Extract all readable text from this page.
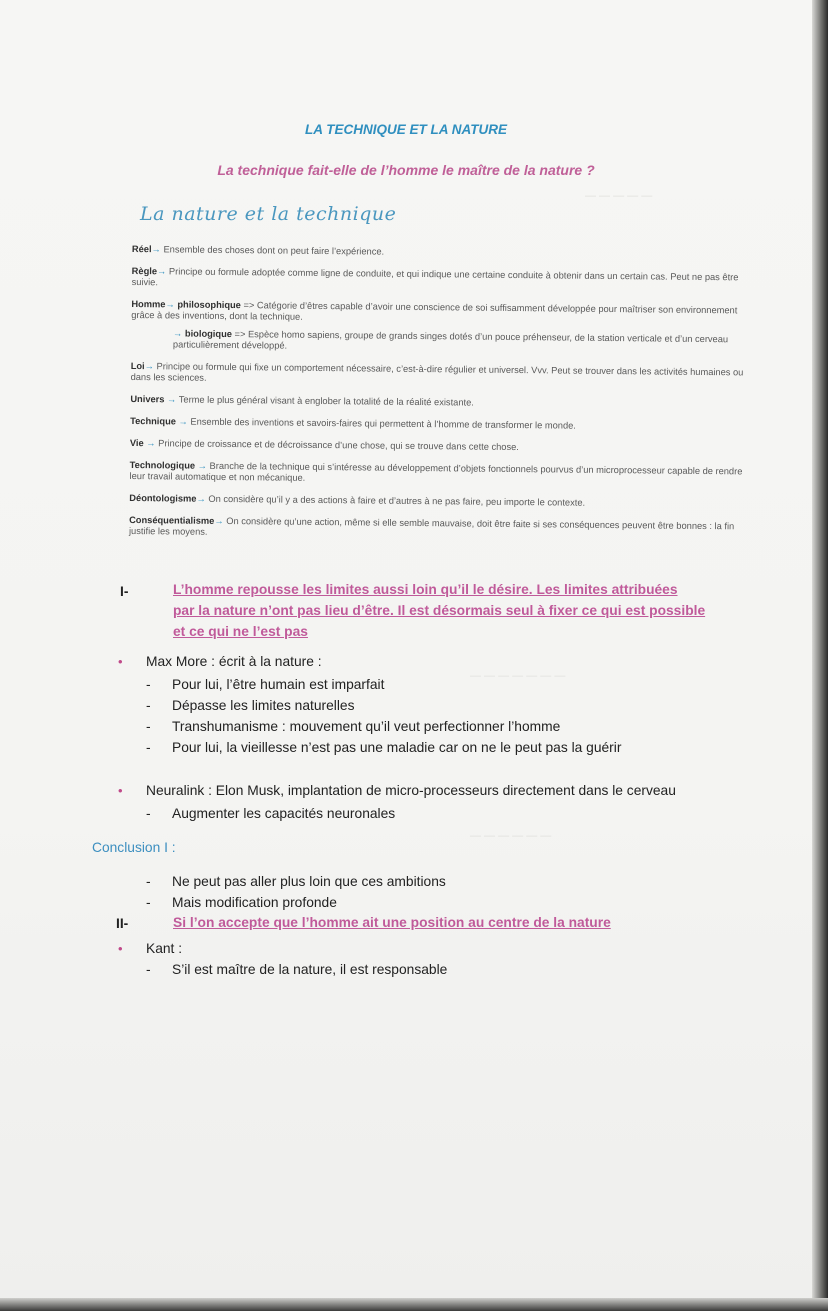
— — — — —
— — — — — — —
— — — — — —
LA TECHNIQUE ET LA NATURE
La technique fait-elle de l’homme le maître de la nature ?
La nature et la technique
Réel→ Ensemble des choses dont on peut faire l’expérience.
Règle→ Principe ou formule adoptée comme ligne de conduite, et qui indique une certaine conduite à obtenir dans un certain cas. Peut ne pas être suivie.
Homme→ philosophique => Catégorie d’êtres capable d’avoir une conscience de soi suffisamment développée pour maîtriser son environnement grâce à des inventions, dont la technique.
→ biologique => Espèce homo sapiens, groupe de grands singes dotés d’un pouce préhenseur, de la station verticale et d’un cerveau particulièrement développé.
Loi→ Principe ou formule qui fixe un comportement nécessaire, c’est-à-dire régulier et universel. Vvv. Peut se trouver dans les activités humaines ou dans les sciences.
Univers → Terme le plus général visant à englober la totalité de la réalité existante.
Technique → Ensemble des inventions et savoirs-faires qui permettent à l’homme de transformer le monde.
Vie → Principe de croissance et de décroissance d’une chose, qui se trouve dans cette chose.
Technologique → Branche de la technique qui s’intéresse au développement d’objets fonctionnels pourvus d’un microprocesseur capable de rendre leur travail automatique et non mécanique.
Déontologisme→ On considère qu’il y a des actions à faire et d’autres à ne pas faire, peu importe le contexte.
Conséquentialisme→ On considère qu’une action, même si elle semble mauvaise, doit être faite si ses conséquences peuvent être bonnes : la fin justifie les moyens.
I-	L’homme repousse les limites aussi loin qu’il le désire. Les limites attribuées
par la nature n’ont pas lieu d’être. Il est désormais seul à fixer ce qui est possible
et ce qui ne l’est pas
• Max More : écrit à la nature :
- Pour lui, l’être humain est imparfait
- Dépasse les limites naturelles
- Transhumanisme : mouvement qu’il veut perfectionner l’homme
- Pour lui, la vieillesse n’est pas une maladie car on ne le peut pas la guérir
• Neuralink : Elon Musk, implantation de micro-processeurs directement dans le cerveau
- Augmenter les capacités neuronales
Conclusion I :
- Ne peut pas aller plus loin que ces ambitions
- Mais modification profonde
II-	Si l’on accepte que l’homme ait une position au centre de la nature
• Kant :
- S’il est maître de la nature, il est responsable
